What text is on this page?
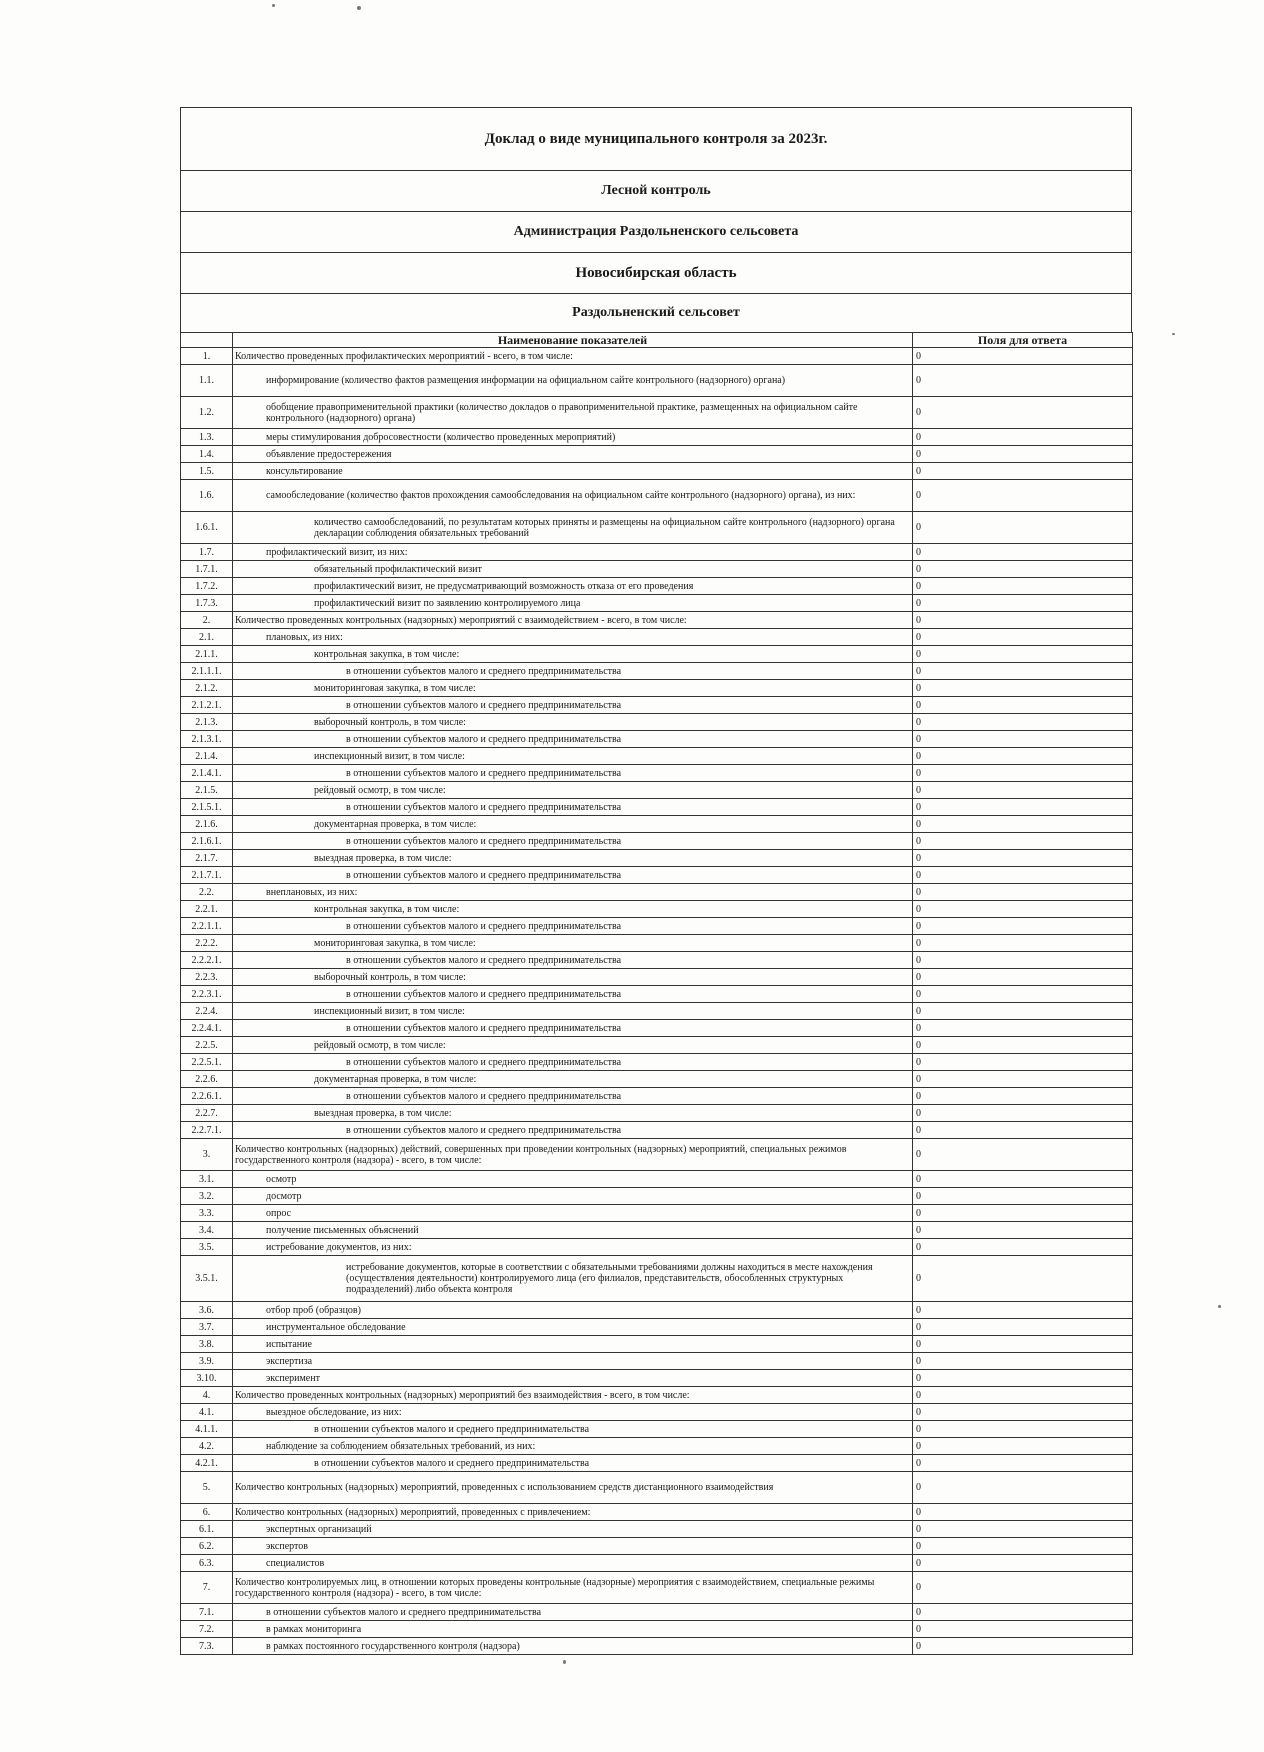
Доклад о виде муниципального контроля за 2023г.
Лесной контроль
Администрация Раздольненского сельсовета
Новосибирская область
Раздольненский сельсовет
	Наименование показателей	Поля для ответа
1.	Количество проведенных профилактических мероприятий - всего, в том числе:	0
1.1.	информирование (количество фактов размещения информации на официальном сайте контрольного (надзорного) органа)	0
1.2.	обобщение правоприменительной практики (количество докладов о правоприменительной практике, размещенных на официальном сайте контрольного (надзорного) органа)	0
1.3.	меры стимулирования добросовестности (количество проведенных мероприятий)	0
1.4.	объявление предостережения	0
1.5.	консультирование	0
1.6.	самообследование (количество фактов прохождения самообследования на официальном сайте контрольного (надзорного) органа), из них:	0
1.6.1.	количество самообследований, по результатам которых приняты и размещены на официальном сайте контрольного (надзорного) органа декларации соблюдения обязательных требований	0
1.7.	профилактический визит, из них:	0
1.7.1.	обязательный профилактический визит	0
1.7.2.	профилактический визит, не предусматривающий возможность отказа от его проведения	0
1.7.3.	профилактический визит по заявлению контролируемого лица	0
2.	Количество проведенных контрольных (надзорных) мероприятий с взаимодействием - всего, в том числе:	0
2.1.	плановых, из них:	0
2.1.1.	контрольная закупка, в том числе:	0
2.1.1.1.	в отношении субъектов малого и среднего предпринимательства	0
2.1.2.	мониторинговая закупка, в том числе:	0
2.1.2.1.	в отношении субъектов малого и среднего предпринимательства	0
2.1.3.	выборочный контроль, в том числе:	0
2.1.3.1.	в отношении субъектов малого и среднего предпринимательства	0
2.1.4.	инспекционный визит, в том числе:	0
2.1.4.1.	в отношении субъектов малого и среднего предпринимательства	0
2.1.5.	рейдовый осмотр, в том числе:	0
2.1.5.1.	в отношении субъектов малого и среднего предпринимательства	0
2.1.6.	документарная проверка, в том числе:	0
2.1.6.1.	в отношении субъектов малого и среднего предпринимательства	0
2.1.7.	выездная проверка, в том числе:	0
2.1.7.1.	в отношении субъектов малого и среднего предпринимательства	0
2.2.	внеплановых, из них:	0
2.2.1.	контрольная закупка, в том числе:	0
2.2.1.1.	в отношении субъектов малого и среднего предпринимательства	0
2.2.2.	мониторинговая закупка, в том числе:	0
2.2.2.1.	в отношении субъектов малого и среднего предпринимательства	0
2.2.3.	выборочный контроль, в том числе:	0
2.2.3.1.	в отношении субъектов малого и среднего предпринимательства	0
2.2.4.	инспекционный визит, в том числе:	0
2.2.4.1.	в отношении субъектов малого и среднего предпринимательства	0
2.2.5.	рейдовый осмотр, в том числе:	0
2.2.5.1.	в отношении субъектов малого и среднего предпринимательства	0
2.2.6.	документарная проверка, в том числе:	0
2.2.6.1.	в отношении субъектов малого и среднего предпринимательства	0
2.2.7.	выездная проверка, в том числе:	0
2.2.7.1.	в отношении субъектов малого и среднего предпринимательства	0
3.	Количество контрольных (надзорных) действий, совершенных при проведении контрольных (надзорных) мероприятий, специальных режимов государственного контроля (надзора) - всего, в том числе:	0
3.1.	осмотр	0
3.2.	досмотр	0
3.3.	опрос	0
3.4.	получение письменных объяснений	0
3.5.	истребование документов, из них:	0
3.5.1.	истребование документов, которые в соответствии с обязательными требованиями должны находиться в месте нахождения (осуществления деятельности) контролируемого лица (его филиалов, представительств, обособленных структурных подразделений) либо объекта контроля	0
3.6.	отбор проб (образцов)	0
3.7.	инструментальное обследование	0
3.8.	испытание	0
3.9.	экспертиза	0
3.10.	эксперимент	0
4.	Количество проведенных контрольных (надзорных) мероприятий без взаимодействия - всего, в том числе:	0
4.1.	выездное обследование, из них:	0
4.1.1.	в отношении субъектов малого и среднего предпринимательства	0
4.2.	наблюдение за соблюдением обязательных требований, из них:	0
4.2.1.	в отношении субъектов малого и среднего предпринимательства	0
5.	Количество контрольных (надзорных) мероприятий, проведенных с использованием средств дистанционного взаимодействия	0
6.	Количество контрольных (надзорных) мероприятий, проведенных с привлечением:	0
6.1.	экспертных организаций	0
6.2.	экспертов	0
6.3.	специалистов	0
7.	Количество контролируемых лиц, в отношении которых проведены контрольные (надзорные) мероприятия с взаимодействием, специальные режимы государственного контроля (надзора) - всего, в том числе:	0
7.1.	в отношении субъектов малого и среднего предпринимательства	0
7.2.	в рамках мониторинга	0
7.3.	в рамках постоянного государственного контроля (надзора)	0
